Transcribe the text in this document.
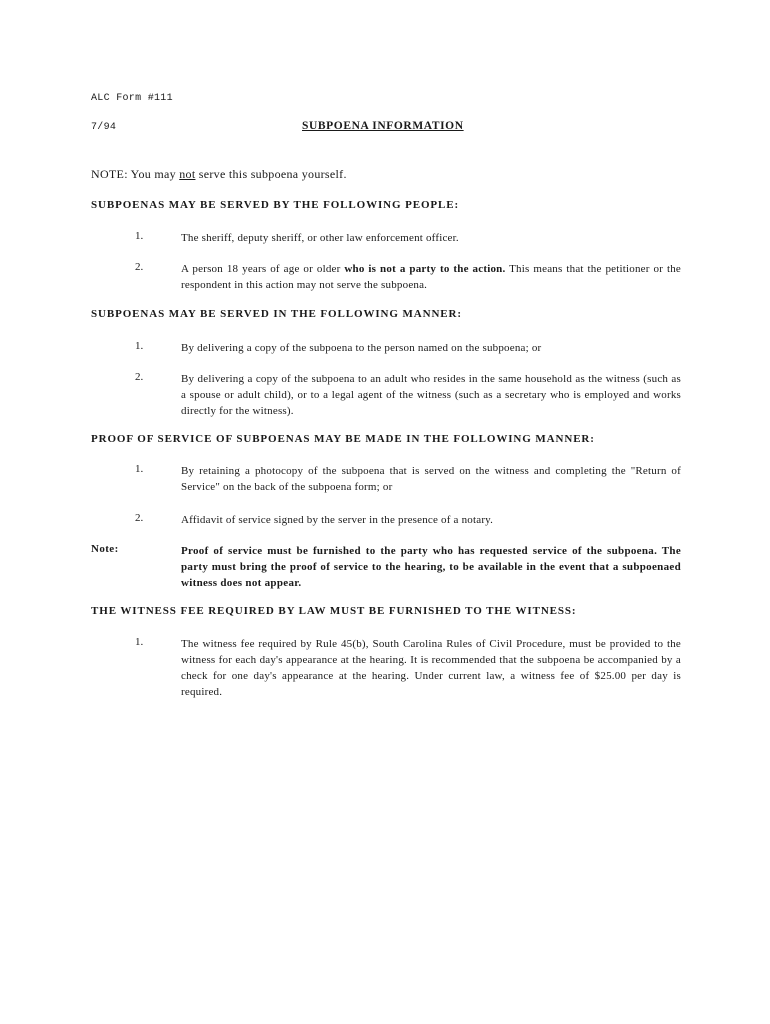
ALC Form #111
7/94	SUBPOENA INFORMATION
NOTE: You may not serve this subpoena yourself.
SUBPOENAS MAY BE SERVED BY THE FOLLOWING PEOPLE:
1.	The sheriff, deputy sheriff, or other law enforcement officer.
2.	A person 18 years of age or older who is not a party to the action. This means that the petitioner or the respondent in this action may not serve the subpoena.
SUBPOENAS MAY BE SERVED IN THE FOLLOWING MANNER:
1.	By delivering a copy of the subpoena to the person named on the subpoena; or
2.	By delivering a copy of the subpoena to an adult who resides in the same household as the witness (such as a spouse or adult child), or to a legal agent of the witness (such as a secretary who is employed and works directly for the witness).
PROOF OF SERVICE OF SUBPOENAS MAY BE MADE IN THE FOLLOWING MANNER:
1.	By retaining a photocopy of the subpoena that is served on the witness and completing the "Return of Service" on the back of the subpoena form; or
2.	Affidavit of service signed by the server in the presence of a notary.
Note:	Proof of service must be furnished to the party who has requested service of the subpoena. The party must bring the proof of service to the hearing, to be available in the event that a subpoenaed witness does not appear.
THE WITNESS FEE REQUIRED BY LAW MUST BE FURNISHED TO THE WITNESS:
1.	The witness fee required by Rule 45(b), South Carolina Rules of Civil Procedure, must be provided to the witness for each day's appearance at the hearing. It is recommended that the subpoena be accompanied by a check for one day's appearance at the hearing. Under current law, a witness fee of $25.00 per day is required.
